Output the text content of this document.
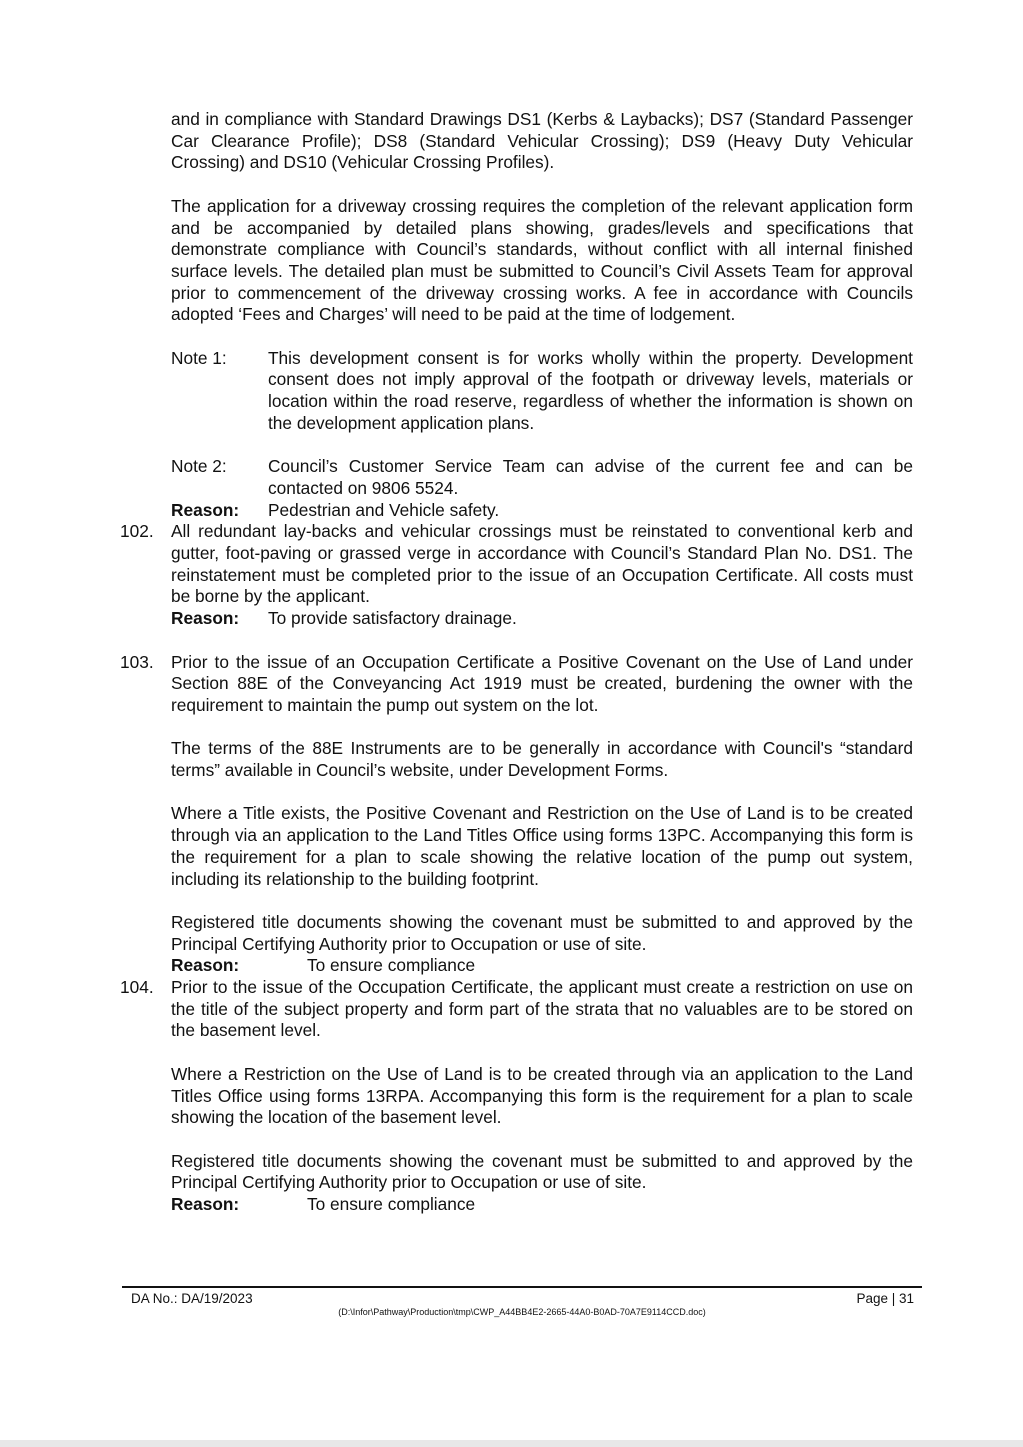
and in compliance with Standard Drawings DS1 (Kerbs & Laybacks); DS7 (Standard Passenger Car Clearance Profile); DS8 (Standard Vehicular Crossing); DS9 (Heavy Duty Vehicular Crossing) and DS10 (Vehicular Crossing Profiles).

The application for a driveway crossing requires the completion of the relevant application form and be accompanied by detailed plans showing, grades/levels and specifications that demonstrate compliance with Council’s standards, without conflict with all internal finished surface levels. The detailed plan must be submitted to Council’s Civil Assets Team for approval prior to commencement of the driveway crossing works. A fee in accordance with Councils adopted ‘Fees and Charges’ will need to be paid at the time of lodgement.

Note 1:	This development consent is for works wholly within the property. Development consent does not imply approval of the footpath or driveway levels, materials or location within the road reserve, regardless of whether the information is shown on the development application plans.
Note 2:	Council’s Customer Service Team can advise of the current fee and can be contacted on 9806 5524.
Reason:	Pedestrian and Vehicle safety.
102. All redundant lay-backs and vehicular crossings must be reinstated to conventional kerb and gutter, foot-paving or grassed verge in accordance with Council’s Standard Plan No. DS1. The reinstatement must be completed prior to the issue of an Occupation Certificate. All costs must be borne by the applicant.

Reason:	To provide satisfactory drainage.
103. Prior to the issue of an Occupation Certificate a Positive Covenant on the Use of Land under Section 88E of the Conveyancing Act 1919 must be created, burdening the owner with the requirement to maintain the pump out system on the lot.

The terms of the 88E Instruments are to be generally in accordance with Council's “standard terms” available in Council’s website, under Development Forms.

Where a Title exists, the Positive Covenant and Restriction on the Use of Land is to be created through via an application to the Land Titles Office using forms 13PC. Accompanying this form is the requirement for a plan to scale showing the relative location of the pump out system, including its relationship to the building footprint.

Registered title documents showing the covenant must be submitted to and approved by the Principal Certifying Authority prior to Occupation or use of site.

Reason:	To ensure compliance
104. Prior to the issue of the Occupation Certificate, the applicant must create a restriction on use on the title of the subject property and form part of the strata that no valuables are to be stored on the basement level.

Where a Restriction on the Use of Land is to be created through via an application to the Land Titles Office using forms 13RPA. Accompanying this form is the requirement for a plan to scale showing the location of the basement level.

Registered title documents showing the covenant must be submitted to and approved by the Principal Certifying Authority prior to Occupation or use of site.

Reason:	To ensure compliance
DA No.: DA/19/2023	Page | 31
(D:\Infor\Pathway\Production\tmp\CWP_A44BB4E2-2665-44A0-B0AD-70A7E9114CCD.doc)
